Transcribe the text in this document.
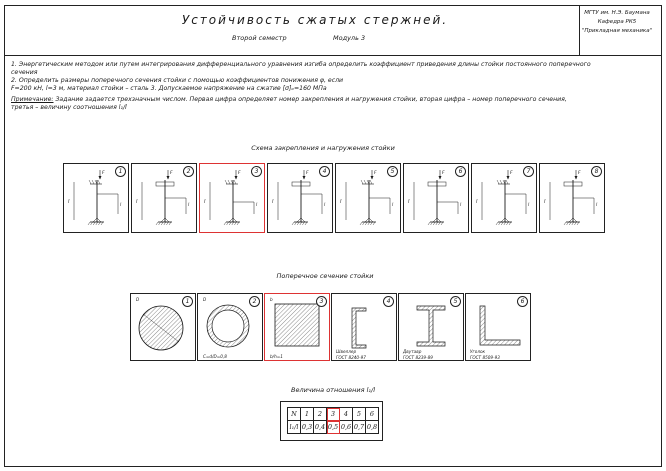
Устойчивость сжатых стержней.
Второй семестр	Модуль 3
МГТУ им. Н.Э. Баумана
Кафедра РК5
"Прикладная механика"
1. Энергетическим методом или путем интегрирования дифференциального уравнения изгиба определить коэффициент приведения длины стойки постоянного поперечного
сечения
2. Определить размеры поперечного сечения стойки с помощью коэффициентов понижения φ, если
F=200 кН, l=3 м, материал стойки – сталь 3. Допускаемое напряжение на сжатие [σ]ₒ=160 МПа
Примечание: Задание задается трехзначным числом. Первая цифра определяет номер закрепления и нагружения стойки, вторая цифра – номер поперечного сечения,
третья – величину соотношения l₁/l
Схема закрепления и нагружения стойки
l
F
l
1
l
F
l
2
l
F
l
3
l
F
l
4
l
F
l
5
l
F
l
6
l
F
l
7
l
F
l
8
Поперечное сечение стойки
1
D	2
D
C=d/D=0,8
3
b
b/h=1
4
Швеллер
ГОСТ 8240-97
5
Двутавр
ГОСТ 8239-89
6
Уголок
ГОСТ 8509-93
Величина отношения l₁/l
N	1	2	3	4	5	6
l₁/l	0,3	0,4	0,5	0,6	0,7	0,8
